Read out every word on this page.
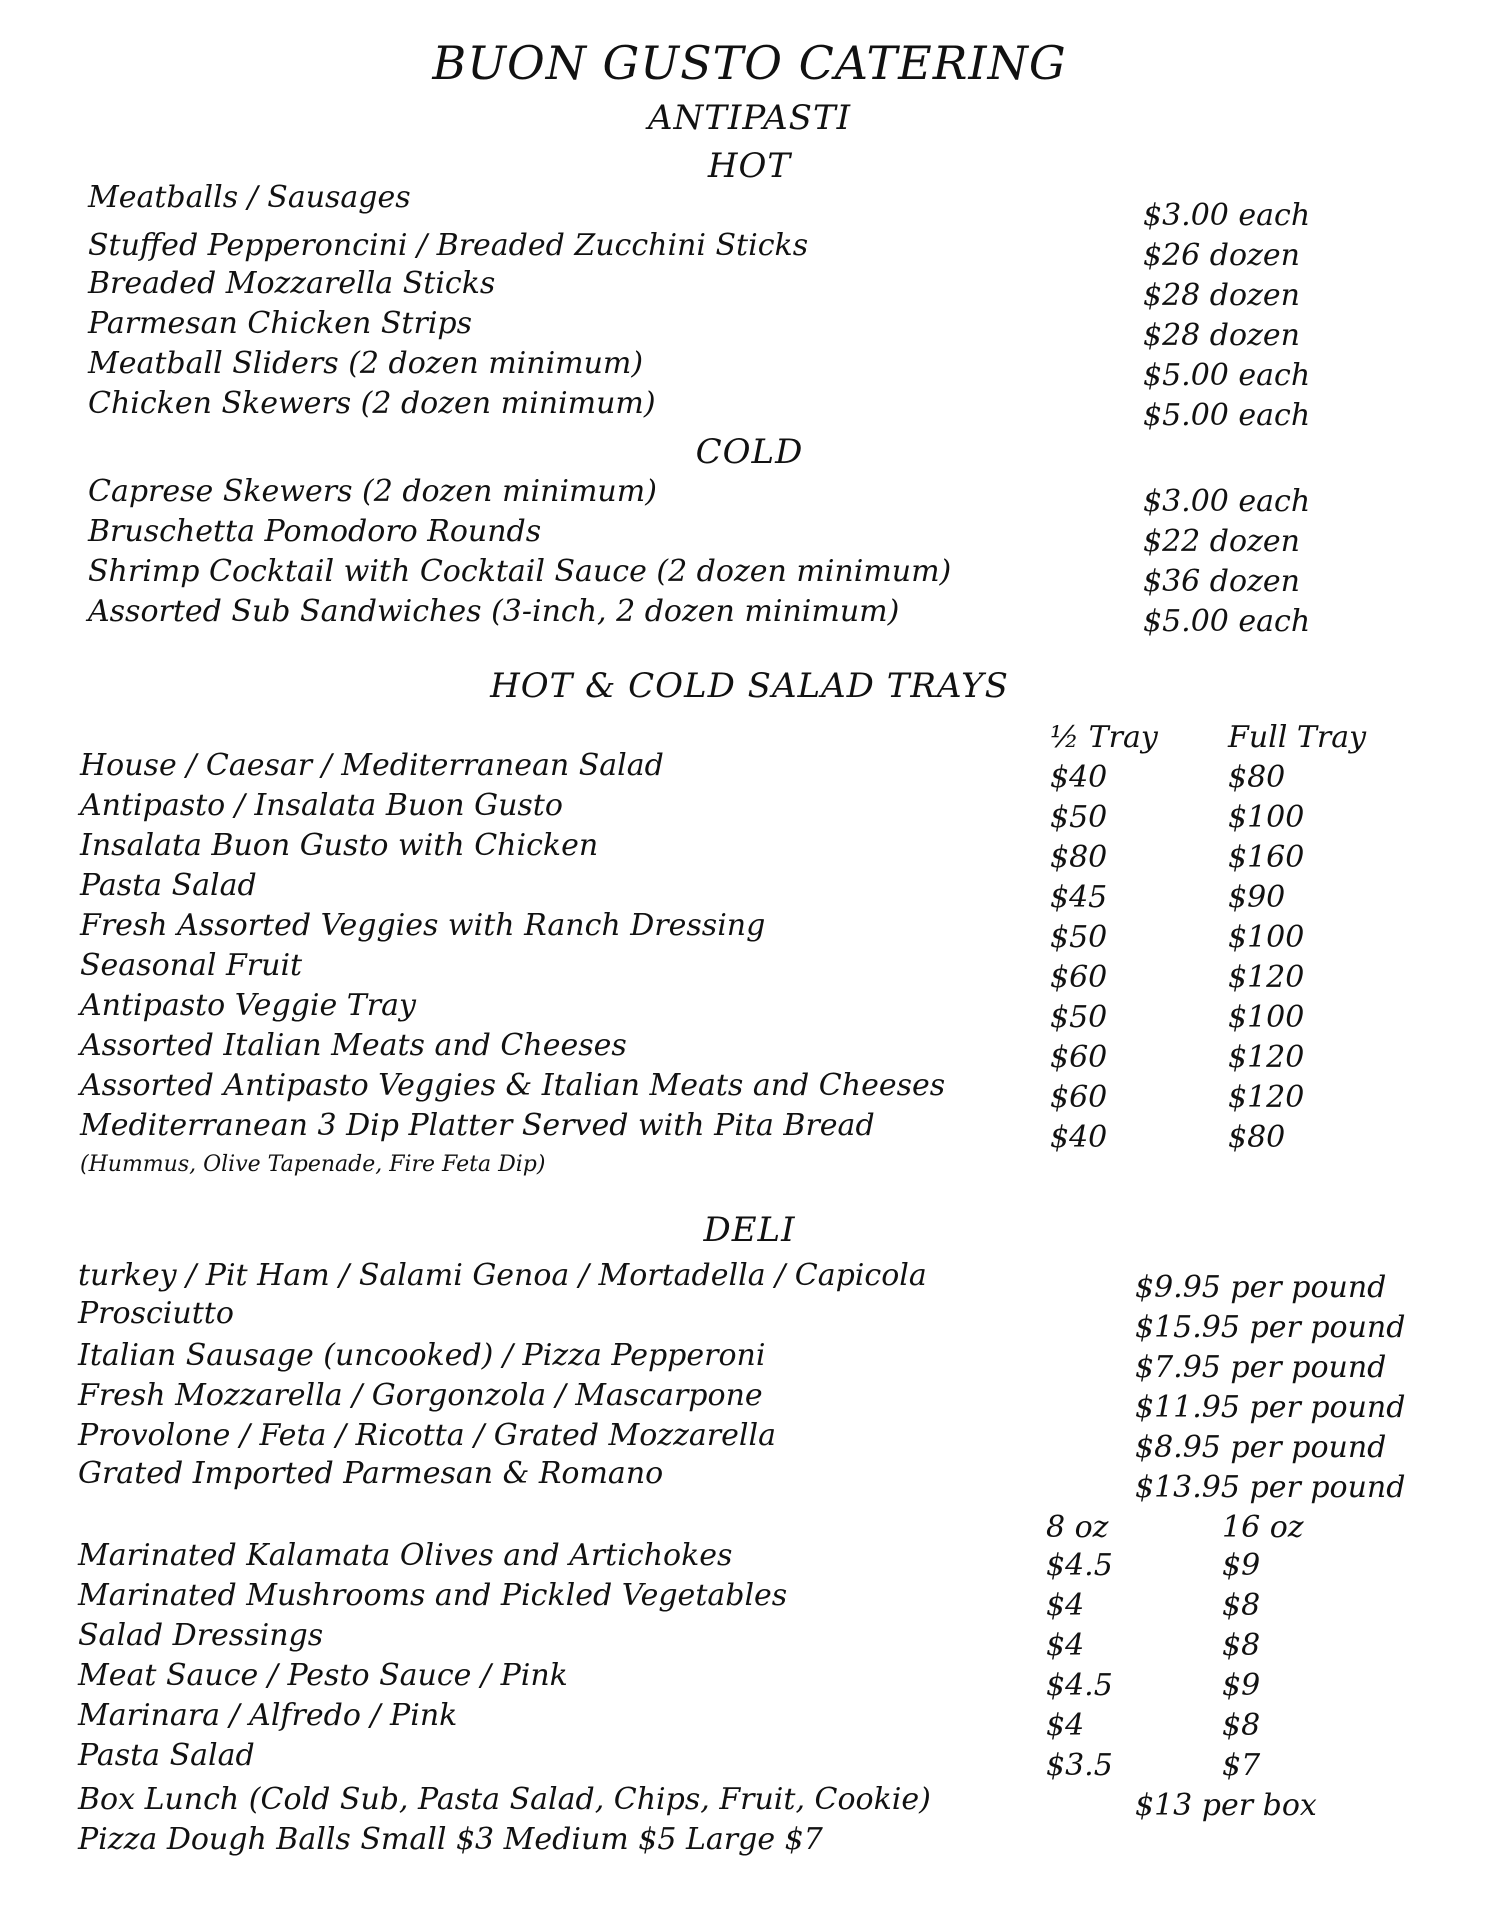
BUON GUSTO CATERING
ANTIPASTI
HOT
Meatballs / Sausages
$3.00 each
Stuffed Pepperoncini / Breaded Zucchini Sticks	$26 dozen
Breaded Mozzarella Sticks	$28 dozen
Parmesan Chicken Strips	$28 dozen
Meatball Sliders (2 dozen minimum)	$5.00 each
Chicken Skewers (2 dozen minimum)	$5.00 each
COLD
Caprese Skewers (2 dozen minimum)	$3.00 each
Bruschetta Pomodoro Rounds	$22 dozen
Shrimp Cocktail with Cocktail Sauce (2 dozen minimum)	$36 dozen
Assorted Sub Sandwiches (3-inch, 2 dozen minimum)	$5.00 each
HOT & COLD SALAD TRAYS
½ Tray Full Tray
House / Caesar / Mediterranean Salad	$40	$80
Antipasto / Insalata Buon Gusto	$50	$100
Insalata Buon Gusto with Chicken	$80	$160
Pasta Salad	$45	$90
Fresh Assorted Veggies with Ranch Dressing	$50	$100
Seasonal Fruit	$60	$120
Antipasto Veggie Tray	$50	$100
Assorted Italian Meats and Cheeses	$60	$120
Assorted Antipasto Veggies & Italian Meats and Cheeses	$60	$120
Mediterranean 3 Dip Platter Served with Pita Bread	$40	$80
(Hummus, Olive Tapenade, Fire Feta Dip)
DELI
turkey / Pit Ham / Salami Genoa / Mortadella / Capicola	$9.95 per pound
Prosciutto	$15.95 per pound
Italian Sausage (uncooked) / Pizza Pepperoni	$7.95 per pound
Fresh Mozzarella / Gorgonzola / Mascarpone	$11.95 per pound
Provolone / Feta / Ricotta / Grated Mozzarella	$8.95 per pound
Grated Imported Parmesan & Romano	$13.95 per pound
8 oz	16 oz
Marinated Kalamata Olives and Artichokes	$4.5	$9
Marinated Mushrooms and Pickled Vegetables	$4	$8
Salad Dressings	$4	$8
Meat Sauce / Pesto Sauce / Pink	$4.5	$9
Marinara / Alfredo / Pink	$4	$8
Pasta Salad	$3.5	$7
Box Lunch (Cold Sub, Pasta Salad, Chips, Fruit, Cookie)	$13 per box
Pizza Dough Balls Small $3 Medium $5 Large $7
